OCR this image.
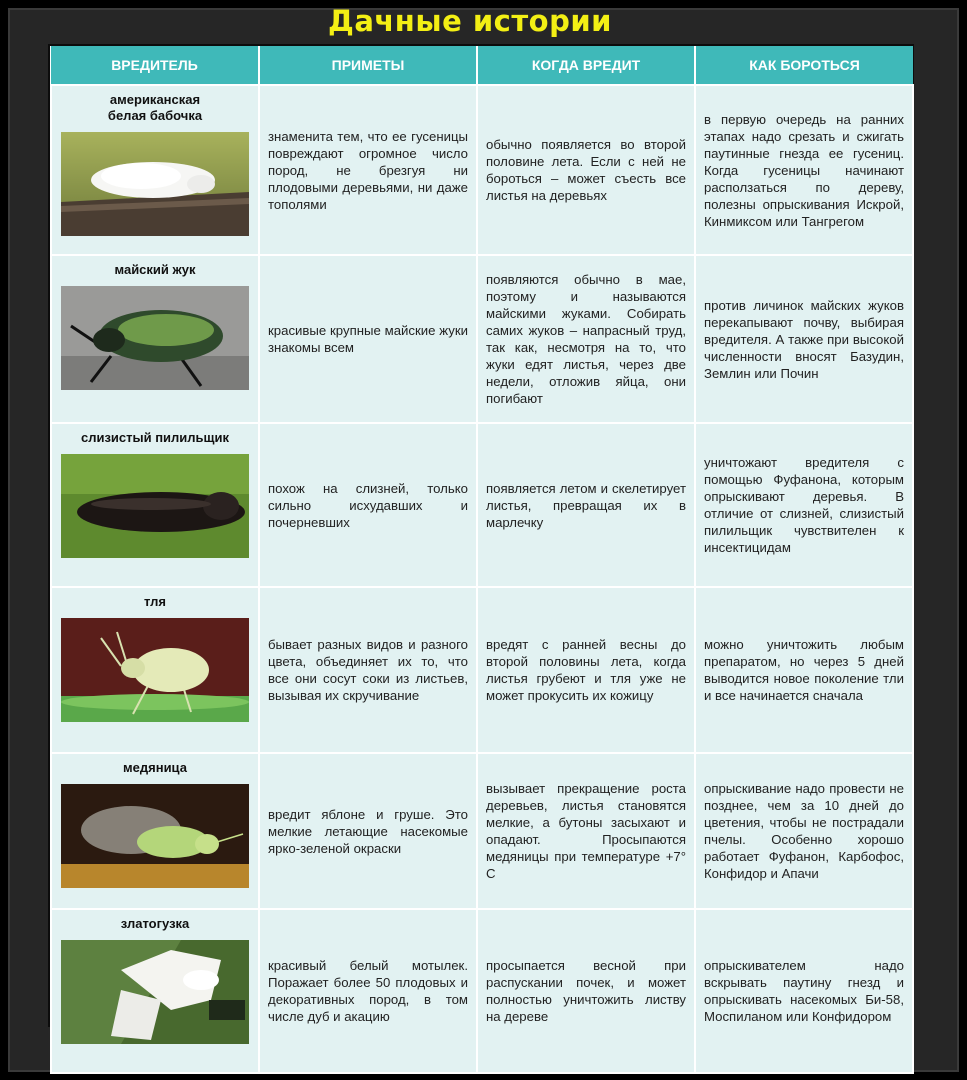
Дачные истории
ВРЕДИТЕЛЬ	ПРИМЕТЫ	КОГДА ВРЕДИТ	КАК БОРОТЬСЯ

американская
белая бабочка	знаменита тем, что ее гусеницы повреждают огромное число пород, не брезгуя ни плодовыми деревьями, ни даже тополями	обычно появляется во второй половине лета. Если с ней не бороться – может съесть все листья на деревьях	в первую очередь на ранних этапах надо срезать и сжигать паутинные гнезда ее гусениц. Когда гусеницы начинают расползаться по дереву, полезны опрыскивания Искрой, Кинмиксом или Тангрегом

майский жук	красивые крупные майские жуки знакомы всем	появляются обычно в мае, поэтому и называются майскими жуками. Собирать самих жуков – напрасный труд, так как, несмотря на то, что жуки едят листья, через две недели, отложив яйца, они погибают	против личинок майских жуков перекапывают почву, выбирая вредителя. А также при высокой численности вносят Базудин, Землин или Почин

слизистый пилильщик	похож на слизней, только сильно исхудавших и почерневших	появляется летом и скелетирует листья, превращая их в марлечку	уничтожают вредителя с помощью Фуфанона, которым опрыскивают деревья. В отличие от слизней, слизистый пилильщик чувствителен к инсектицидам

тля	бывает разных видов и разного цвета, объединяет их то, что все они сосут соки из листьев, вызывая их скручивание	вредят с ранней весны до второй половины лета, когда листья грубеют и тля уже не может прокусить их кожицу	можно уничтожить любым препаратом, но через 5 дней выводится новое поколение тли и все начинается сначала

медяница	вредит яблоне и груше. Это мелкие летающие насекомые ярко-зеленой окраски	вызывает прекращение роста деревьев, листья становятся мелкие, а бутоны засыхают и опадают. Просыпаются медяницы при температуре +7° С	опрыскивание надо провести не позднее, чем за 10 дней до цветения, чтобы не пострадали пчелы. Особенно хорошо работает Фуфанон, Карбофос, Конфидор и Апачи

златогузка	красивый белый мотылек. Поражает более 50 плодовых и декоративных пород, в том числе дуб и акацию	просыпается весной при распускании почек, и может полностью уничтожить листву на дереве	опрыскивателем надо вскрывать паутину гнезд и опрыскивать насекомых Би-58, Моспиланом или Конфидором
